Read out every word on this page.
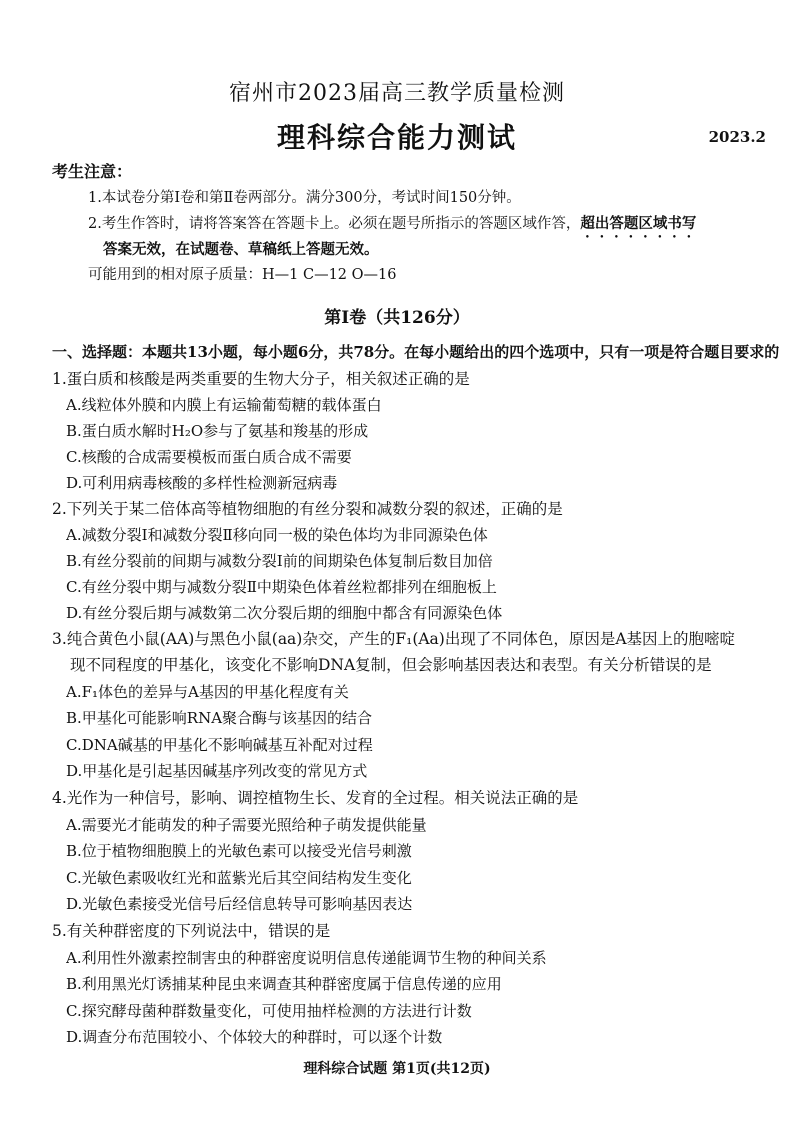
宿州市2023届高三教学质量检测
理科综合能力测试	2023.2
考生注意：
1.本试卷分第Ⅰ卷和第Ⅱ卷两部分。满分300分，考试时间150分钟。
2.考生作答时，请将答案答在答题卡上。必须在题号所指示的答题区域作答，超出答题区域书写
答案无效，在试题卷、草稿纸上答题无效。
可能用到的相对原子质量：H—1 C—12 O—16
第Ⅰ卷（共126分）
一、选择题：本题共13小题，每小题6分，共78分。在每小题给出的四个选项中，只有一项是符合题目要求的
1.蛋白质和核酸是两类重要的生物大分子，相关叙述正确的是
A.线粒体外膜和内膜上有运输葡萄糖的载体蛋白
B.蛋白质水解时H₂O参与了氨基和羧基的形成
C.核酸的合成需要模板而蛋白质合成不需要
D.可利用病毒核酸的多样性检测新冠病毒
2.下列关于某二倍体高等植物细胞的有丝分裂和减数分裂的叙述，正确的是
A.减数分裂Ⅰ和减数分裂Ⅱ移向同一极的染色体均为非同源染色体
B.有丝分裂前的间期与减数分裂Ⅰ前的间期染色体复制后数目加倍
C.有丝分裂中期与减数分裂Ⅱ中期染色体着丝粒都排列在细胞板上
D.有丝分裂后期与减数第二次分裂后期的细胞中都含有同源染色体
3.纯合黄色小鼠(AA)与黑色小鼠(aa)杂交，产生的F₁(Aa)出现了不同体色，原因是A基因上的胞嘧啶
现不同程度的甲基化，该变化不影响DNA复制，但会影响基因表达和表型。有关分析错误的是
A.F₁体色的差异与A基因的甲基化程度有关
B.甲基化可能影响RNA聚合酶与该基因的结合
C.DNA碱基的甲基化不影响碱基互补配对过程
D.甲基化是引起基因碱基序列改变的常见方式
4.光作为一种信号，影响、调控植物生长、发育的全过程。相关说法正确的是
A.需要光才能萌发的种子需要光照给种子萌发提供能量
B.位于植物细胞膜上的光敏色素可以接受光信号刺激
C.光敏色素吸收红光和蓝紫光后其空间结构发生变化
D.光敏色素接受光信号后经信息转导可影响基因表达
5.有关种群密度的下列说法中，错误的是
A.利用性外激素控制害虫的种群密度说明信息传递能调节生物的种间关系
B.利用黑光灯诱捕某种昆虫来调查其种群密度属于信息传递的应用
C.探究酵母菌种群数量变化，可使用抽样检测的方法进行计数
D.调查分布范围较小、个体较大的种群时，可以逐个计数
理科综合试题 第1页(共12页)
